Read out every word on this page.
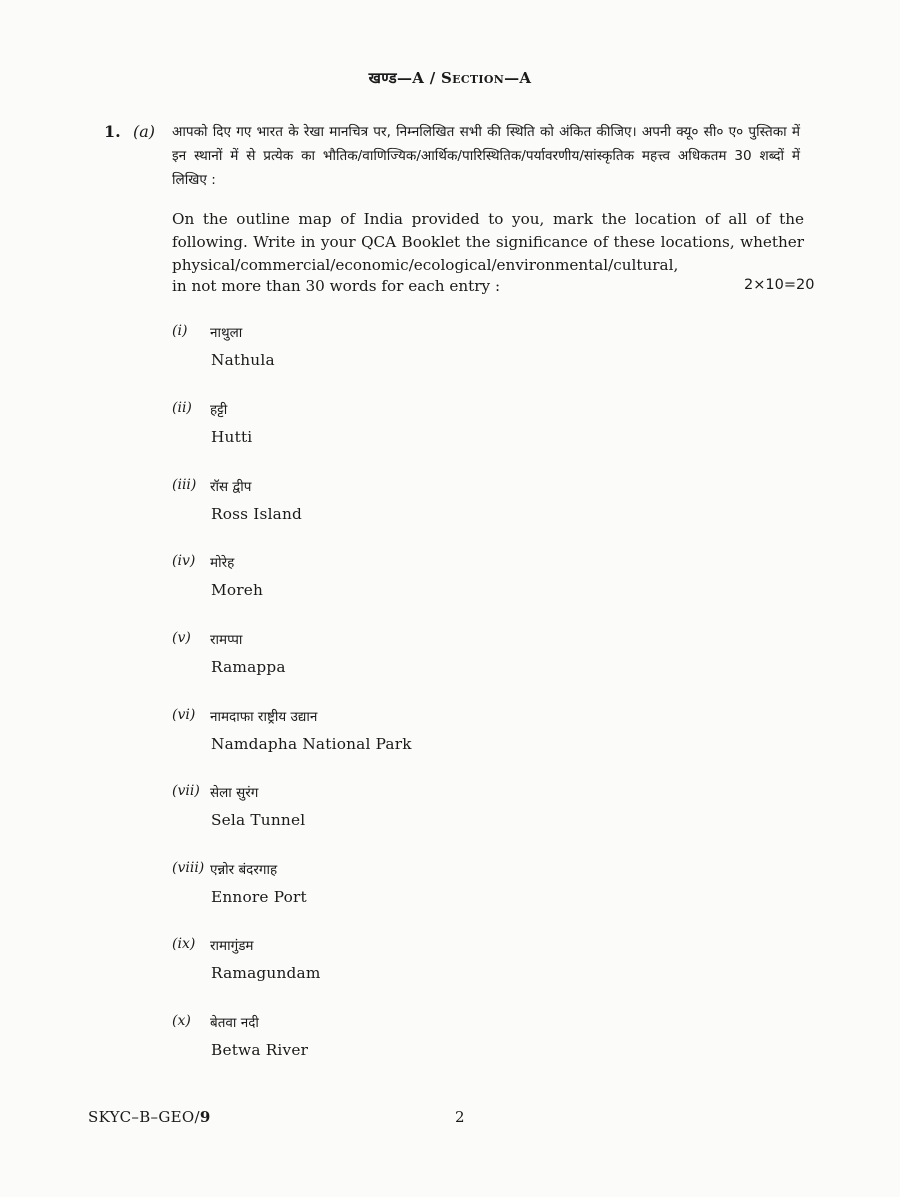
खण्ड—A / Section—A
1. (a) आपको दिए गए भारत के रेखा मानचित्र पर, निम्नलिखित सभी की स्थिति को अंकित कीजिए। अपनी क्यू० सी० ए० पुस्तिका में इन स्थानों में से प्रत्येक का भौतिक/वाणिज्यिक/आर्थिक/पारिस्थितिक/पर्यावरणीय/सांस्कृतिक महत्त्व अधिकतम 30 शब्दों में लिखिए :
On the outline map of India provided to you, mark the location of all of the following. Write in your QCA Booklet the significance of these locations, whether physical/commercial/economic/ecological/environmental/cultural,
in not more than 30 words for each entry :	2×10=20
(i)	नाथुला
Nathula
(ii)	हट्टी
Hutti
(iii)	रॉस द्वीप
Ross Island
(iv)	मोरेह
Moreh
(v)	रामप्पा
Ramappa
(vi)	नामदाफा राष्ट्रीय उद्यान
Namdapha National Park
(vii) सेला सुरंग
Sela Tunnel
(viii) एन्नोर बंदरगाह
Ennore Port
(ix)	रामागुंडम
Ramagundam
(x)	बेतवा नदी
Betwa River
SKYC–B–GEO/9	2
